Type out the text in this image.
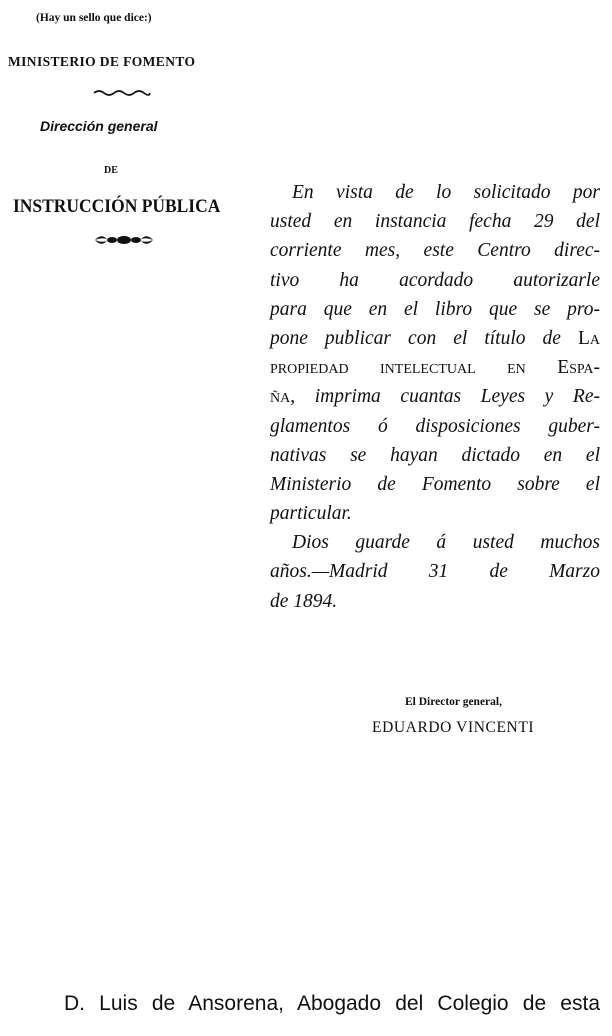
(Hay un sello que dice:)
MINISTERIO DE FOMENTO
Dirección general
DE
INSTRUCCIÓN PÚBLICA
En vista de lo solicitado por
usted en instancia fecha 29 del
corriente mes, este Centro direc-
tivo ha acordado autorizarle
para que en el libro que se pro-
pone publicar con el título de La
propiedad intelectual en Espa-
ña, imprima cuantas Leyes y Re-
glamentos ó disposiciones guber-
nativas se hayan dictado en el
Ministerio de Fomento sobre el
particular.
Dios guarde á usted muchos
años.—Madrid 31 de Marzo
de 1894.
El Director general,
EDUARDO VINCENTI
D. Luis de Ansorena, Abogado del Colegio de esta
